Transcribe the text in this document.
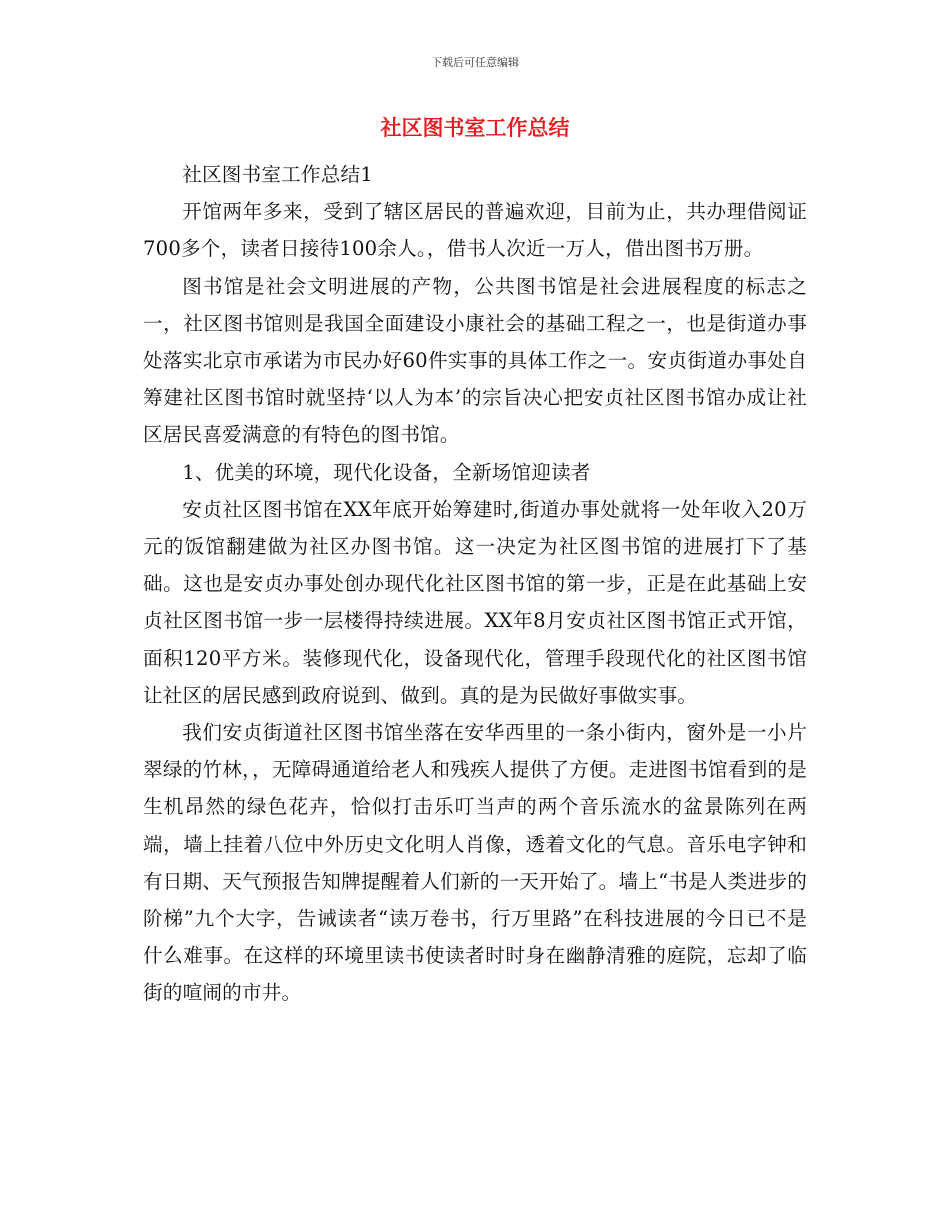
下载后可任意编辑
社区图书室工作总结

社区图书室工作总结1

开馆两年多来，受到了辖区居民的普遍欢迎，目前为止，共办理借阅证700多个，读者日接待100余人。，借书人次近一万人，借出图书万册。

图书馆是社会文明进展的产物，公共图书馆是社会进展程度的标志之一，社区图书馆则是我国全面建设小康社会的基础工程之一，也是街道办事处落实北京市承诺为市民办好60件实事的具体工作之一。安贞街道办事处自筹建社区图书馆时就坚持‘以人为本’的宗旨决心把安贞社区图书馆办成让社区居民喜爱满意的有特色的图书馆。

1、优美的环境，现代化设备，全新场馆迎读者

安贞社区图书馆在XX年底开始筹建时,街道办事处就将一处年收入20万元的饭馆翻建做为社区办图书馆。这一决定为社区图书馆的进展打下了基础。这也是安贞办事处创办现代化社区图书馆的第一步，正是在此基础上安贞社区图书馆一步一层楼得持续进展。XX年8月安贞社区图书馆正式开馆，面积120平方米。装修现代化，设备现代化，管理手段现代化的社区图书馆让社区的居民感到政府说到、做到。真的是为民做好事做实事。

我们安贞街道社区图书馆坐落在安华西里的一条小街内，窗外是一小片翠绿的竹林，，无障碍通道给老人和残疾人提供了方便。走进图书馆看到的是生机昂然的绿色花卉，恰似打击乐叮当声的两个音乐流水的盆景陈列在两端，墙上挂着八位中外历史文化明人肖像，透着文化的气息。音乐电字钟和有日期、天气预报告知牌提醒着人们新的一天开始了。墙上“书是人类进步的阶梯”九个大字，告诫读者“读万卷书，行万里路”在科技进展的今日已不是什么难事。在这样的环境里读书使读者时时身在幽静清雅的庭院，忘却了临街的喧闹的市井。
